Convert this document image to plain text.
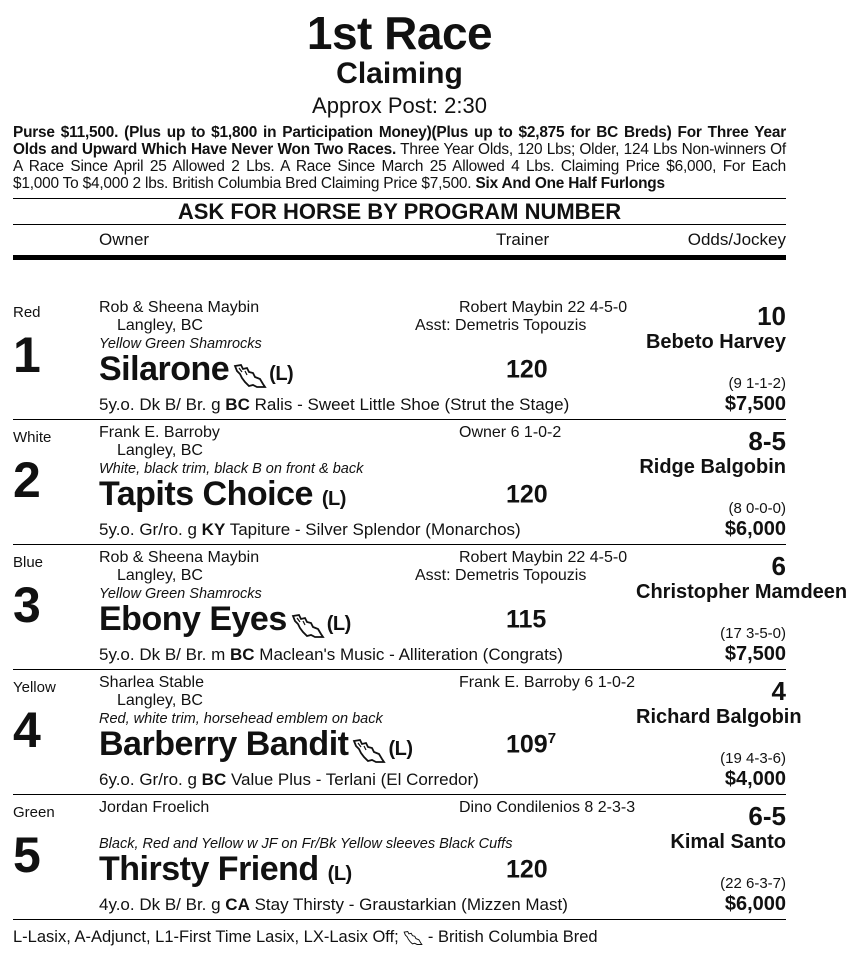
1st Race
Claiming
Approx Post: 2:30
Purse $11,500. (Plus up to $1,800 in Participation Money)(Plus up to $2,875 for BC Breds) For Three Year Olds and Upward Which Have Never Won Two Races. Three Year Olds, 120 Lbs; Older, 124 Lbs Non-winners Of A Race Since April 25 Allowed 2 Lbs. A Race Since March 25 Allowed 4 Lbs. Claiming Price $6,000, For Each $1,000 To $4,000 2 lbs. British Columbia Bred Claiming Price $7,500. Six And One Half Furlongs
ASK FOR HORSE BY PROGRAM NUMBER
Owner	Trainer	Odds/Jockey
Red
1
Rob & Sheena Maybin
Langley, BC
Yellow Green Shamrocks
Silarone (L)
Robert Maybin 22 4-5-0
Asst: Demetris Topouzis
120
5y.o. Dk B/ Br. g BC Ralis - Sweet Little Shoe (Strut the Stage)
10
Bebeto Harvey
(9 1-1-2)
$7,500
White
2
Frank E. Barroby
Langley, BC
White, black trim, black B on front & back
Tapits Choice (L)
Owner 6 1-0-2
120
5y.o. Gr/ro. g KY Tapiture - Silver Splendor (Monarchos)
8-5
Ridge Balgobin
(8 0-0-0)
$6,000
Blue
3
Rob & Sheena Maybin
Langley, BC
Yellow Green Shamrocks
Ebony Eyes (L)
Robert Maybin 22 4-5-0
Asst: Demetris Topouzis
115
5y.o. Dk B/ Br. m BC Maclean's Music - Alliteration (Congrats)
6
Christopher Mamdeen
(17 3-5-0)
$7,500
Yellow
4
Sharlea Stable
Langley, BC
Red, white trim, horsehead emblem on back
Barberry Bandit (L)
Frank E. Barroby 6 1-0-2
$109^7$
6y.o. Gr/ro. g BC Value Plus - Terlani (El Corredor)
4
Richard Balgobin
(19 4-3-6)
$4,000
Green
5
Jordan Froelich
Black, Red and Yellow w JF on Fr/Bk Yellow sleeves Black Cuffs
Thirsty Friend (L)
Dino Condilenios 8 2-3-3
120
4y.o. Dk B/ Br. g CA Stay Thirsty - Graustarkian (Mizzen Mast)
6-5
Kimal Santo
(22 6-3-7)
$6,000
L-Lasix, A-Adjunct, L1-First Time Lasix, LX-Lasix Off;  - British Columbia Bred
